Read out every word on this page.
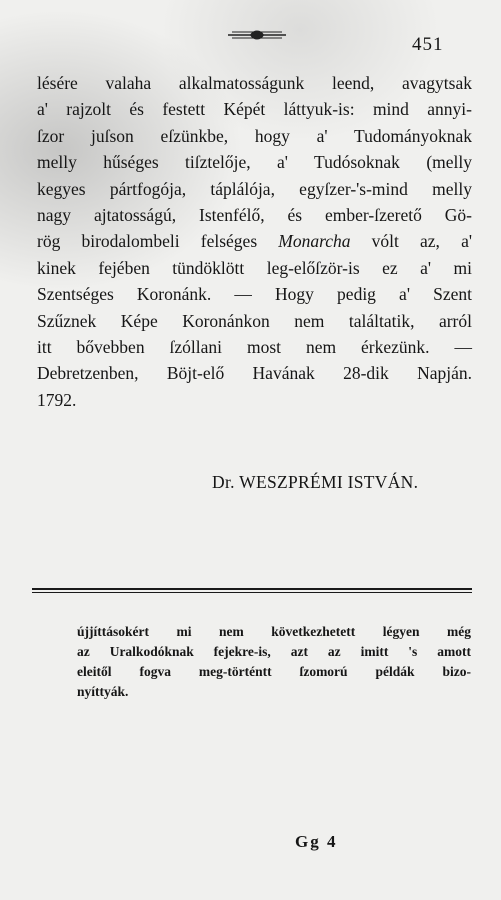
451
lésére valaha alkalmatosságunk leend, avagytsak
a' rajzolt és festett Képét láttyuk-is: mind annyi-
ſzor juſson eſzünkbe, hogy a' Tudományoknak
melly hűséges tiſztelője, a' Tudósoknak (melly
kegyes pártfogója, táplálója, egyſzer-'s-mind melly
nagy ajtatosságú, Istenfélő, és ember-ſzerető Gö-
rög birodalombeli felséges Monarcha vólt az, a'
kinek fejében tündöklött leg-előſzör-is ez a' mi
Szentséges Koronánk. — Hogy pedig a' Szent
Szűznek Képe Koronánkon nem találtatik, arról
itt bővebben ſzóllani most nem érkezünk. —
Debretzenben, Böjt-elő Havának 28-dik Napján.
1792.
Dr. WESZPRÉMI ISTVÁN.
újjíttásokért mi nem következhetett légyen még
az Uralkodóknak fejekre-is, azt az imitt 's amott
eleitől fogva meg-történtt ſzomorú példák bizo-
nyíttyák.
Gg 4
